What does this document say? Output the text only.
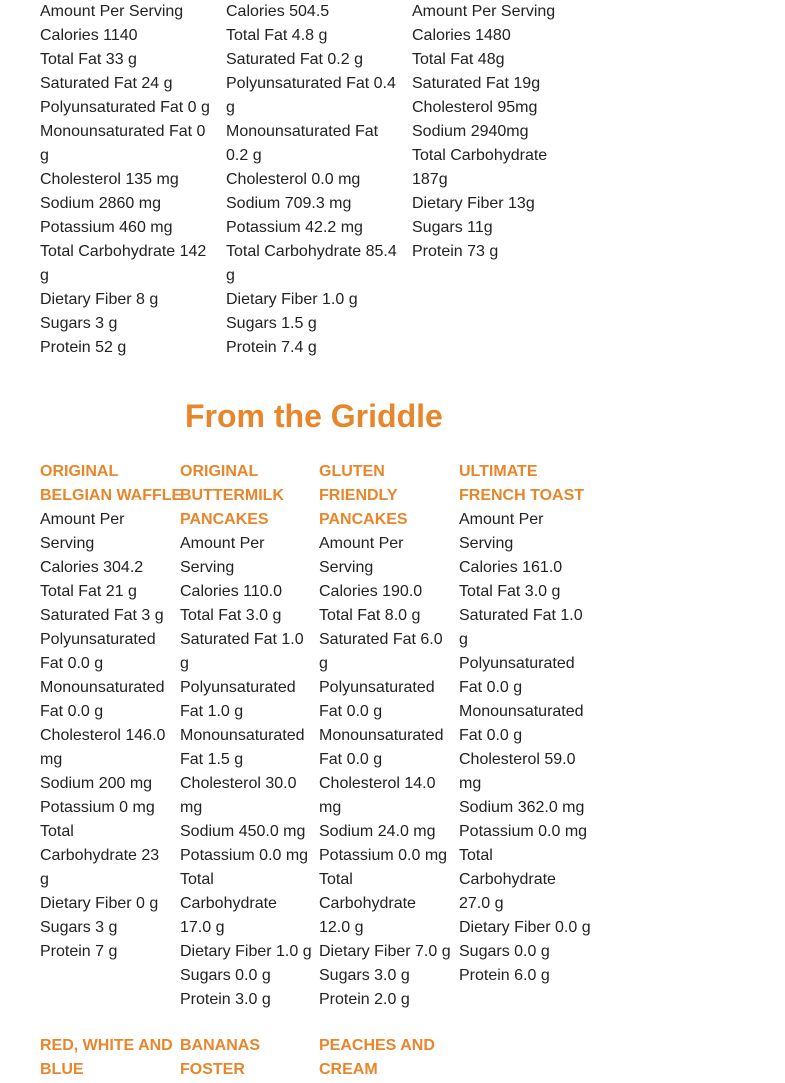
Amount Per Serving
Calories 1140
Total Fat 33 g
Saturated Fat 24 g
Polyunsaturated Fat 0 g
Monounsaturated Fat 0
g
Cholesterol 135 mg
Sodium 2860 mg
Potassium 460 mg
Total Carbohydrate 142
g
Dietary Fiber 8 g
Sugars 3 g
Protein 52 g
Calories 504.5
Total Fat 4.8 g
Saturated Fat 0.2 g
Polyunsaturated Fat 0.4
g
Monounsaturated Fat
0.2 g
Cholesterol 0.0 mg
Sodium 709.3 mg
Potassium 42.2 mg
Total Carbohydrate 85.4
g
Dietary Fiber 1.0 g
Sugars 1.5 g
Protein 7.4 g
Amount Per Serving
Calories 1480
Total Fat 48g
Saturated Fat 19g
Cholesterol 95mg
Sodium 2940mg
Total Carbohydrate
187g
Dietary Fiber 13g
Sugars 11g
Protein 73 g
From the Griddle
ORIGINAL
BELGIAN WAFFLE
Amount Per
Serving
Calories 304.2
Total Fat 21 g
Saturated Fat 3 g
Polyunsaturated
Fat 0.0 g
Monounsaturated
Fat 0.0 g
Cholesterol 146.0
mg
Sodium 200 mg
Potassium 0 mg
Total
Carbohydrate 23
g
Dietary Fiber 0 g
Sugars 3 g
Protein 7 g
ORIGINAL
BUTTERMILK
PANCAKES
Amount Per
Serving
Calories 110.0
Total Fat 3.0 g
Saturated Fat 1.0
g
Polyunsaturated
Fat 1.0 g
Monounsaturated
Fat 1.5 g
Cholesterol 30.0
mg
Sodium 450.0 mg
Potassium 0.0 mg
Total
Carbohydrate
17.0 g
Dietary Fiber 1.0 g
Sugars 0.0 g
Protein 3.0 g
GLUTEN
FRIENDLY
PANCAKES
Amount Per
Serving
Calories 190.0
Total Fat 8.0 g
Saturated Fat 6.0
g
Polyunsaturated
Fat 0.0 g
Monounsaturated
Fat 0.0 g
Cholesterol 14.0
mg
Sodium 24.0 mg
Potassium 0.0 mg
Total
Carbohydrate
12.0 g
Dietary Fiber 7.0 g
Sugars 3.0 g
Protein 2.0 g
ULTIMATE
FRENCH TOAST
Amount Per
Serving
Calories 161.0
Total Fat 3.0 g
Saturated Fat 1.0
g
Polyunsaturated
Fat 0.0 g
Monounsaturated
Fat 0.0 g
Cholesterol 59.0
mg
Sodium 362.0 mg
Potassium 0.0 mg
Total
Carbohydrate
27.0 g
Dietary Fiber 0.0 g
Sugars 0.0 g
Protein 6.0 g
RED, WHITE AND
BLUE
BANANAS
FOSTER
PEACHES AND
CREAM
